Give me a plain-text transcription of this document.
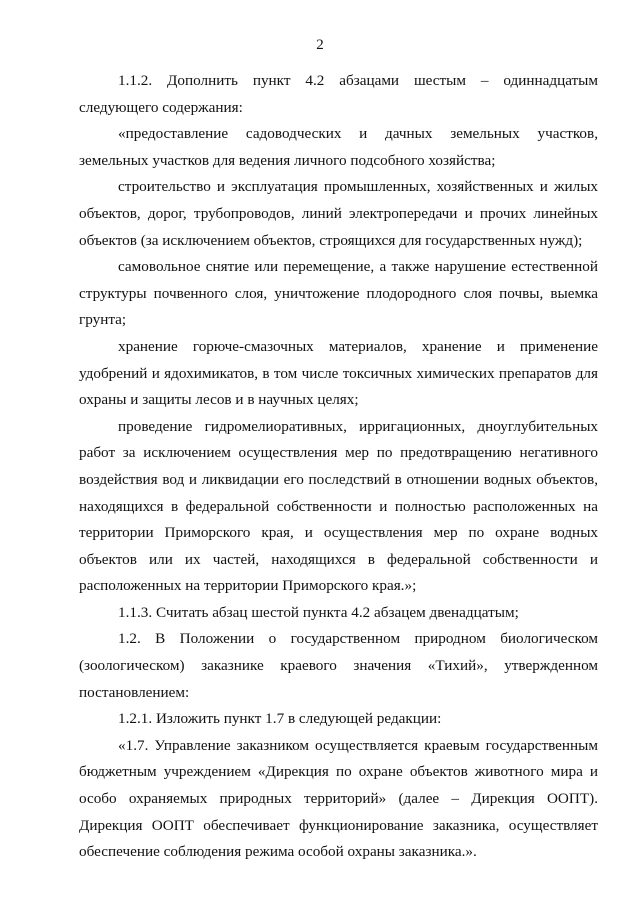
2

1.1.2. Дополнить пункт 4.2 абзацами шестым – одиннадцатым следующего содержания:

«предоставление садоводческих и дачных земельных участков, земельных участков для ведения личного подсобного хозяйства;

строительство и эксплуатация промышленных, хозяйственных и жилых объектов, дорог, трубопроводов, линий электропередачи и прочих линейных объектов (за исключением объектов, строящихся для государственных нужд);

самовольное снятие или перемещение, а также нарушение естественной структуры почвенного слоя, уничтожение плодородного слоя почвы, выемка грунта;

хранение горюче-смазочных материалов, хранение и применение удобрений и ядохимикатов, в том числе токсичных химических препаратов для охраны и защиты лесов и в научных целях;

проведение гидромелиоративных, ирригационных, дноуглубительных работ за исключением осуществления мер по предотвращению негативного воздействия вод и ликвидации его последствий в отношении водных объектов, находящихся в федеральной собственности и полностью расположенных на территории Приморского края, и осуществления мер по охране водных объектов или их частей, находящихся в федеральной собственности и расположенных на территории Приморского края.»;

1.1.3. Считать абзац шестой пункта 4.2 абзацем двенадцатым;

1.2. В Положении о государственном природном биологическом (зоологическом) заказнике краевого значения «Тихий», утвержденном постановлением:

1.2.1. Изложить пункт 1.7 в следующей редакции:

«1.7. Управление заказником осуществляется краевым государственным бюджетным учреждением «Дирекция по охране объектов животного мира и особо охраняемых природных территорий» (далее – Дирекция ООПТ). Дирекция ООПТ обеспечивает функционирование заказника, осуществляет обеспечение соблюдения режима особой охраны заказника.».
